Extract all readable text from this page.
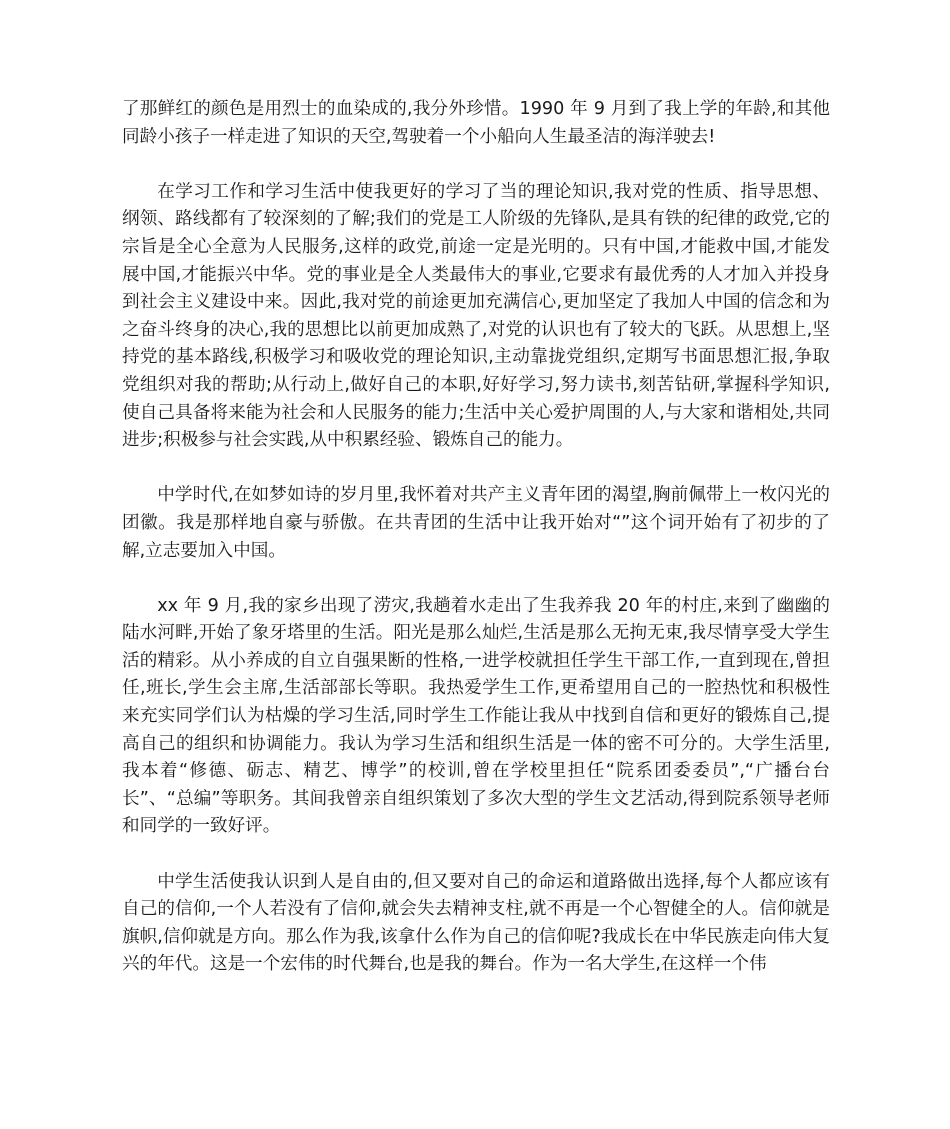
了那鲜红的颜色是用烈士的血染成的,我分外珍惜。1990 年 9 月到了我上学的年龄,和其他同龄小孩子一样走进了知识的天空,驾驶着一个小船向人生最圣洁的海洋驶去!

在学习工作和学习生活中使我更好的学习了当的理论知识,我对党的性质、指导思想、纲领、路线都有了较深刻的了解;我们的党是工人阶级的先锋队,是具有铁的纪律的政党,它的宗旨是全心全意为人民服务,这样的政党,前途一定是光明的。只有中国,才能救中国,才能发展中国,才能振兴中华。党的事业是全人类最伟大的事业,它要求有最优秀的人才加入并投身到社会主义建设中来。因此,我对党的前途更加充满信心,更加坚定了我加人中国的信念和为之奋斗终身的决心,我的思想比以前更加成熟了,对党的认识也有了较大的飞跃。从思想上,坚持党的基本路线,积极学习和吸收党的理论知识,主动靠拢党组织,定期写书面思想汇报,争取党组织对我的帮助;从行动上,做好自己的本职,好好学习,努力读书,刻苦钻研,掌握科学知识,使自己具备将来能为社会和人民服务的能力;生活中关心爱护周围的人,与大家和谐相处,共同进步;积极参与社会实践,从中积累经验、锻炼自己的能力。

中学时代,在如梦如诗的岁月里,我怀着对共产主义青年团的渴望,胸前佩带上一枚闪光的团徽。我是那样地自豪与骄傲。在共青团的生活中让我开始对“”这个词开始有了初步的了解,立志要加入中国。

xx 年 9 月,我的家乡出现了涝灾,我趟着水走出了生我养我 20 年的村庄,来到了幽幽的陆水河畔,开始了象牙塔里的生活。阳光是那么灿烂,生活是那么无拘无束,我尽情享受大学生活的精彩。从小养成的自立自强果断的性格,一进学校就担任学生干部工作,一直到现在,曾担任,班长,学生会主席,生活部部长等职。我热爱学生工作,更希望用自己的一腔热忱和积极性来充实同学们认为枯燥的学习生活,同时学生工作能让我从中找到自信和更好的锻炼自己,提高自己的组织和协调能力。我认为学习生活和组织生活是一体的密不可分的。大学生活里,我本着“修德、砺志、精艺、博学”的校训,曾在学校里担任“院系团委委员”,“广播台台长”、“总编”等职务。其间我曾亲自组织策划了多次大型的学生文艺活动,得到院系领导老师和同学的一致好评。

中学生活使我认识到人是自由的,但又要对自己的命运和道路做出选择,每个人都应该有自己的信仰,一个人若没有了信仰,就会失去精神支柱,就不再是一个心智健全的人。信仰就是旗帜,信仰就是方向。那么作为我,该拿什么作为自己的信仰呢?我成长在中华民族走向伟大复兴的年代。这是一个宏伟的时代舞台,也是我的舞台。作为一名大学生,在这样一个伟
